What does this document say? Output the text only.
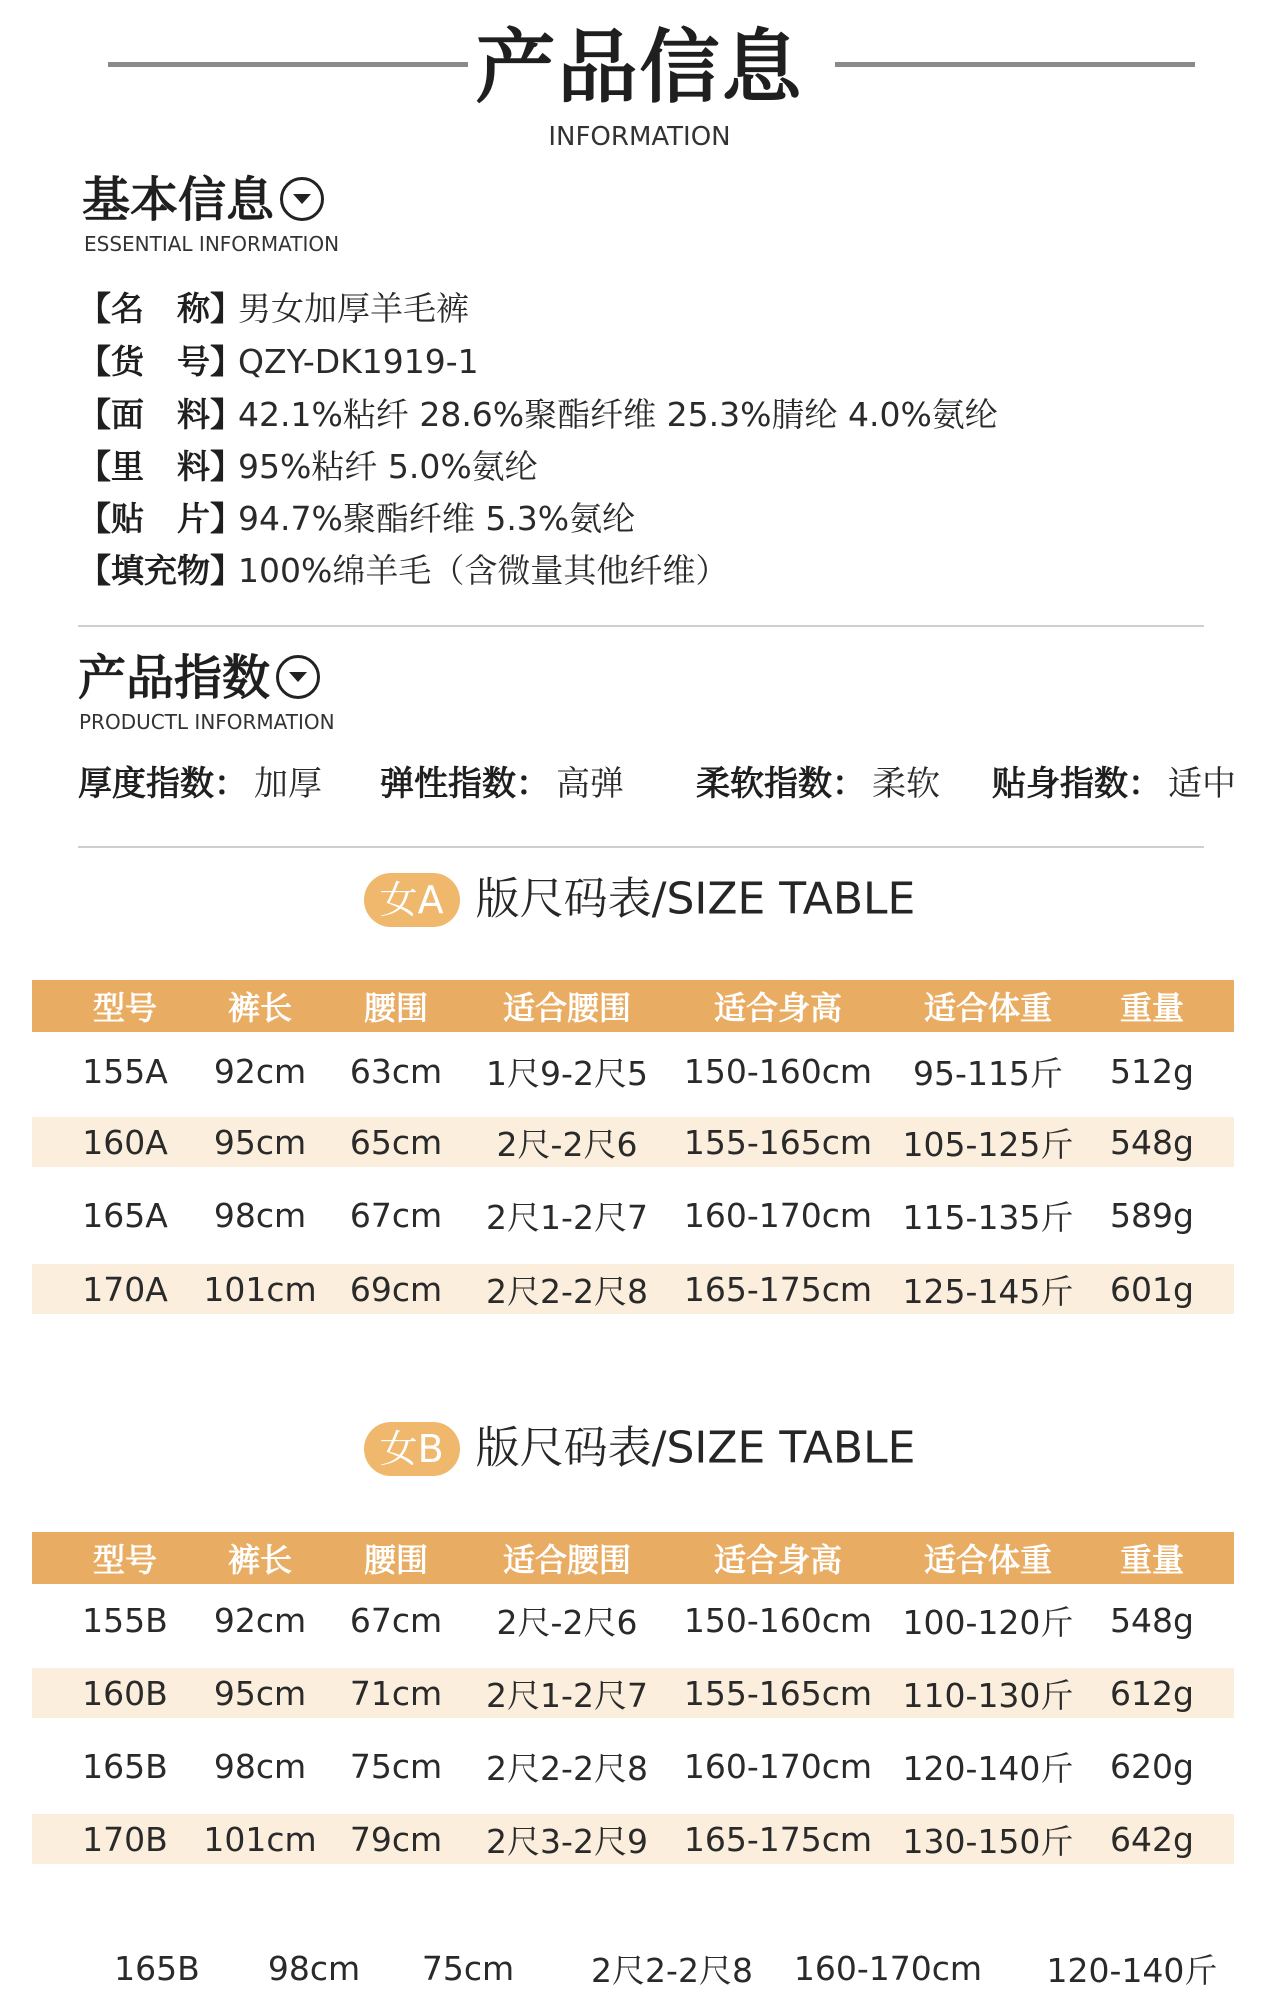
产品信息
INFORMATION
基本信息
ESSENTIAL INFORMATION
【名　称】男女加厚羊毛裤
【货　号】QZY-DK1919-1
【面　料】42.1%粘纤 28.6%聚酯纤维 25.3%腈纶 4.0%氨纶
【里　料】95%粘纤 5.0%氨纶
【贴　片】94.7%聚酯纤维 5.3%氨纶
【填充物】100%绵羊毛（含微量其他纤维）
产品指数
PRODUCTL INFORMATION
厚度指数： 加厚 弹性指数： 高弹 柔软指数： 柔软 贴身指数： 适中
女A 版尺码表/SIZE TABLE
型号	裤长	腰围	适合腰围	适合身高	适合体重	重量
155A	92cm	63cm	1尺9-2尺5	150-160cm	95-115斤	512g
160A	95cm	65cm	2尺-2尺6	155-165cm 105-125斤	548g
165A	98cm	67cm	2尺1-2尺7	160-170cm 115-135斤	589g
170A	101cm	69cm	2尺2-2尺8	165-175cm 125-145斤	601g
女B 版尺码表/SIZE TABLE
型号	裤长	腰围	适合腰围	适合身高	适合体重	重量
155B	92cm	67cm	2尺-2尺6	150-160cm 100-120斤	548g
160B	95cm	71cm	2尺1-2尺7	155-165cm 110-130斤	612g
165B	98cm	75cm	2尺2-2尺8	160-170cm 120-140斤	620g
170B	101cm	79cm	2尺3-2尺9	165-175cm 130-150斤	642g
165B	98cm	75cm	2尺2-2尺8	160-170cm	120-140斤
